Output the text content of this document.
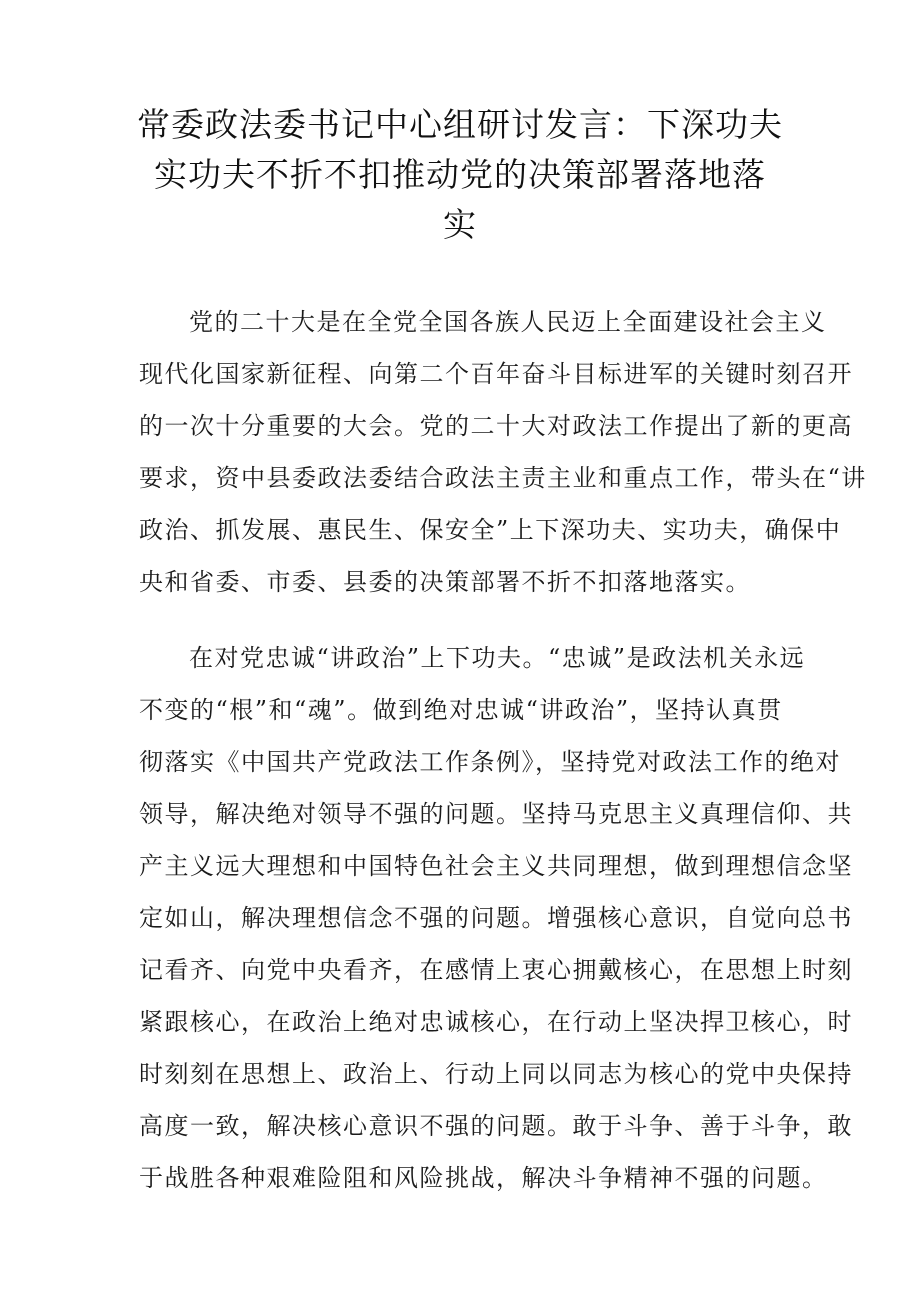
常委政法委书记中心组研讨发言：下深功夫
实功夫不折不扣推动党的决策部署落地落
实
党的二十大是在全党全国各族人民迈上全面建设社会主义
现代化国家新征程、向第二个百年奋斗目标进军的关键时刻召开
的一次十分重要的大会。党的二十大对政法工作提出了新的更高
要求，资中县委政法委结合政法主责主业和重点工作，带头在“讲
政治、抓发展、惠民生、保安全”上下深功夫、实功夫，确保中
央和省委、市委、县委的决策部署不折不扣落地落实。
在对党忠诚“讲政治”上下功夫。“忠诚”是政法机关永远
不变的“根”和“魂”。做到绝对忠诚“讲政治”，坚持认真贯
彻落实《中国共产党政法工作条例》，坚持党对政法工作的绝对
领导，解决绝对领导不强的问题。坚持马克思主义真理信仰、共
产主义远大理想和中国特色社会主义共同理想，做到理想信念坚
定如山，解决理想信念不强的问题。增强核心意识，自觉向总书
记看齐、向党中央看齐，在感情上衷心拥戴核心，在思想上时刻
紧跟核心，在政治上绝对忠诚核心，在行动上坚决捍卫核心，时
时刻刻在思想上、政治上、行动上同以同志为核心的党中央保持
高度一致，解决核心意识不强的问题。敢于斗争、善于斗争，敢
于战胜各种艰难险阻和风险挑战，解决斗争精神不强的问题。
